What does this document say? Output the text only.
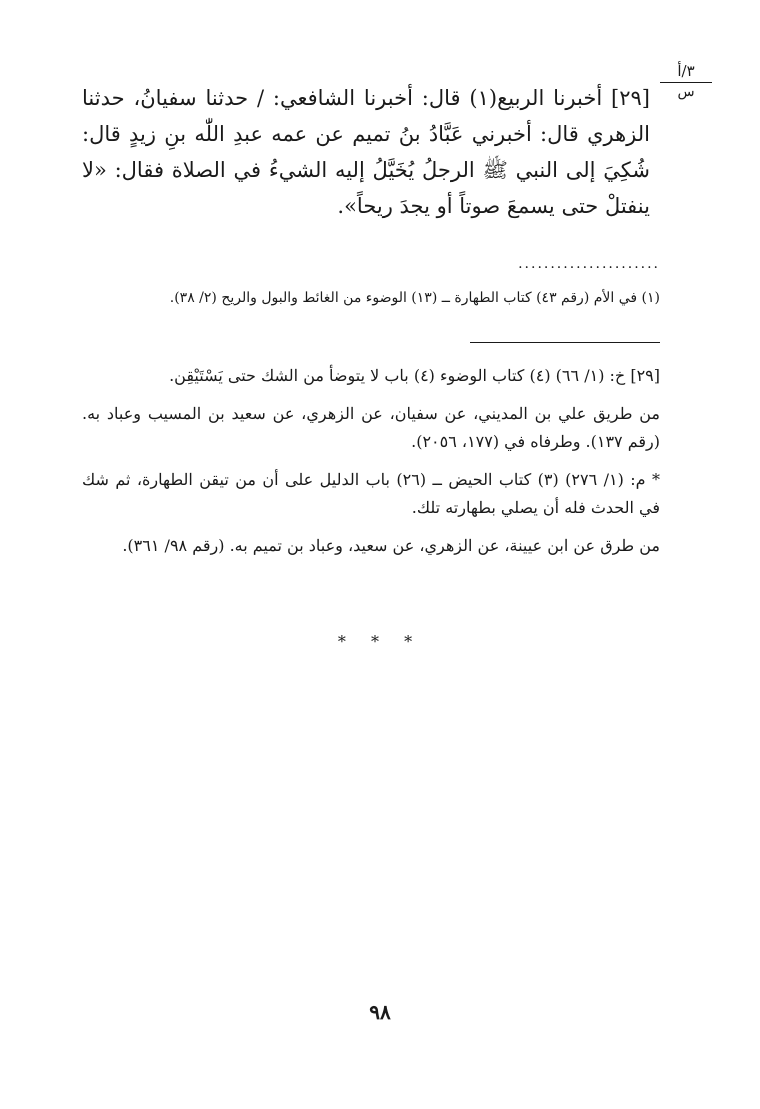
٣/أ
س

[٢٩] أخبرنا الربيع(١) قال: أخبرنا الشافعي: / حدثنا سفيانُ، حدثنا الزهري قال: أخبرني عَبَّادُ بنُ تميم عن عمه عبدِ اللّٰه بنِ زيدٍ قال: شُكِيَ إلى النبي ﷺ الرجلُ يُخَيَّلُ إليه الشيءُ في الصلاة فقال: «لا ينفتلْ حتى يسمعَ صوتاً أو يجدَ ريحاً».

......................
(١) في الأم (رقم ٤٣) كتاب الطهارة ــ (١٣) الوضوء من الغائط والبول والريح (٢/ ٣٨).

[٢٩] خ: (١/ ٦٦) (٤) كتاب الوضوء (٤) باب لا يتوضأ من الشك حتى يَسْتَيْقِن.

من طريق علي بن المديني، عن سفيان، عن الزهري، عن سعيد بن المسيب وعباد به. (رقم ١٣٧). وطرفاه في (١٧٧، ٢٠٥٦).

* م: (١/ ٢٧٦) (٣) كتاب الحيض ــ (٢٦) باب الدليل على أن من تيقن الطهارة، ثم شك في الحدث فله أن يصلي بطهارته تلك.

من طرق عن ابن عيينة، عن الزهري، عن سعيد، وعباد بن تميم به. (رقم ٩٨/ ٣٦١).

* * *
٩٨
